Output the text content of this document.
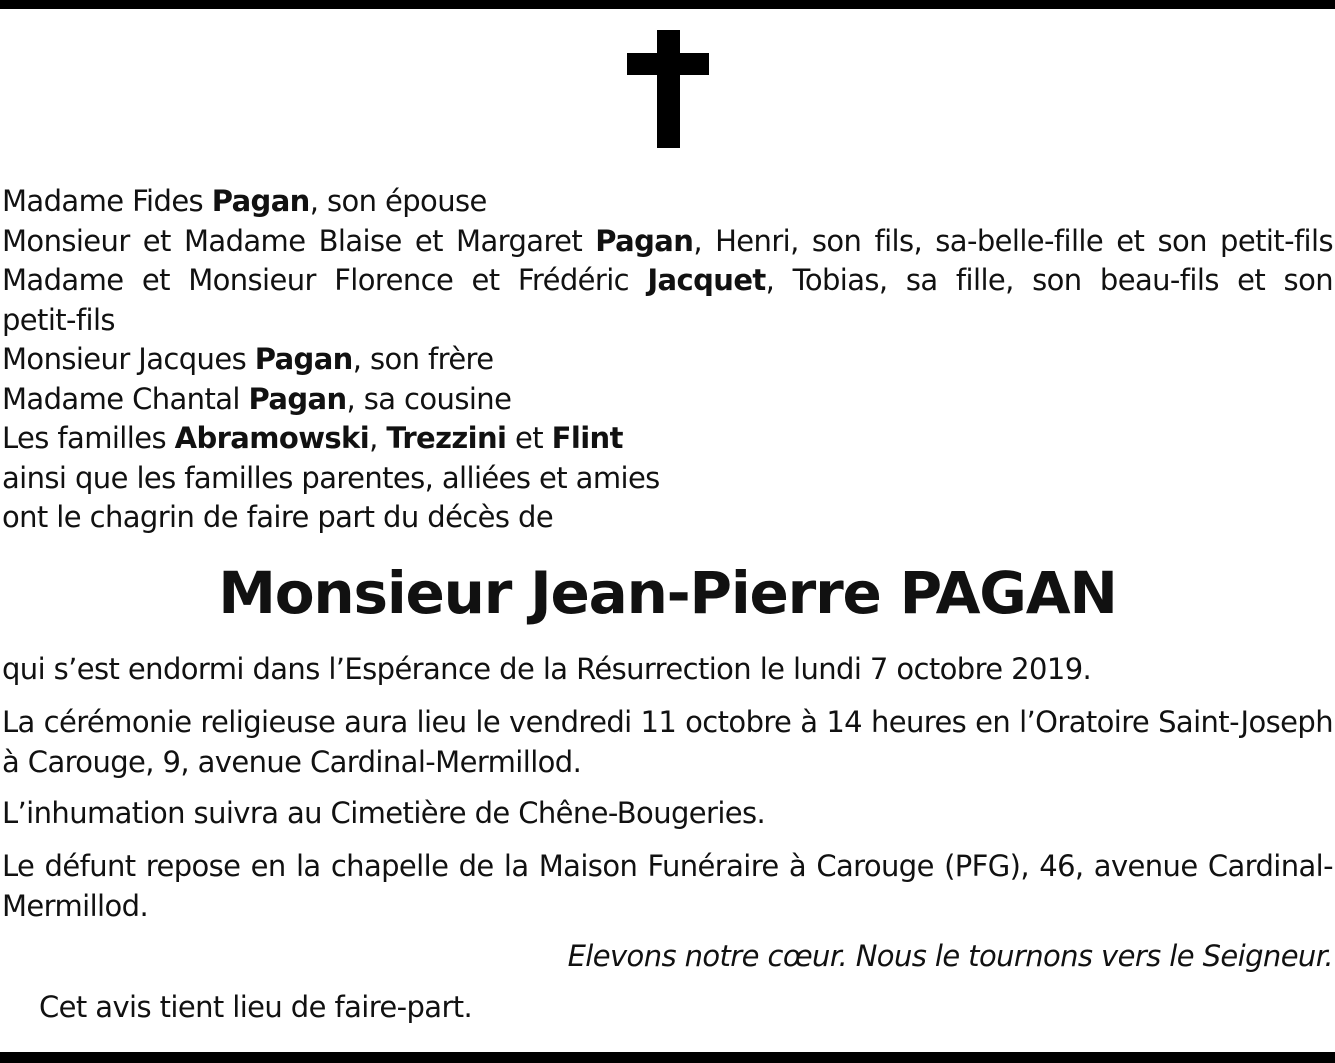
Madame Fides Pagan, son épouse
Monsieur et Madame Blaise et Margaret Pagan, Henri, son fils, sa-belle-fille et son petit-fils
Madame et Monsieur Florence et Frédéric Jacquet, Tobias, sa fille, son beau-fils et son
petit-fils
Monsieur Jacques Pagan, son frère
Madame Chantal Pagan, sa cousine
Les familles Abramowski, Trezzini et Flint
ainsi que les familles parentes, alliées et amies
ont le chagrin de faire part du décès de
Monsieur Jean-Pierre PAGAN
qui s’est endormi dans l’Espérance de la Résurrection le lundi 7 octobre 2019.
La cérémonie religieuse aura lieu le vendredi 11 octobre à 14 heures en l’Oratoire Saint-Joseph à Carouge, 9, avenue Cardinal-Mermillod.
L’inhumation suivra au Cimetière de Chêne-Bougeries.
Le défunt repose en la chapelle de la Maison Funéraire à Carouge (PFG), 46, avenue Cardinal-Mermillod.
Elevons notre cœur. Nous le tournons vers le Seigneur.
Cet avis tient lieu de faire-part.
